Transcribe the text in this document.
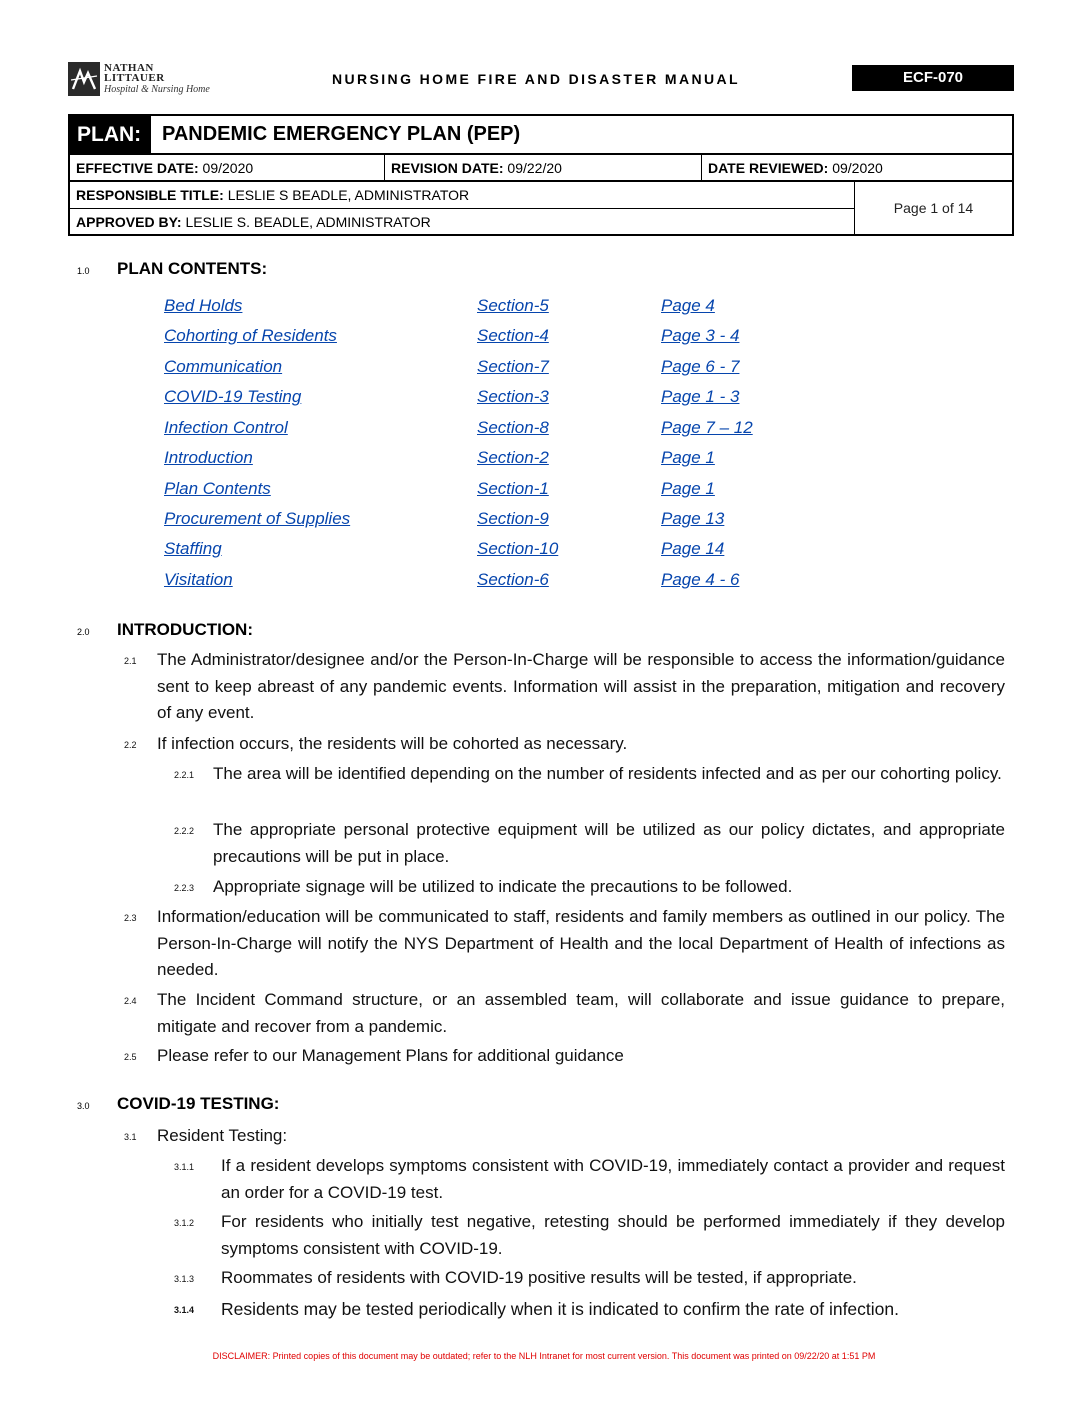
NATHAN
LITTAUER
Hospital & Nursing Home
NURSING HOME FIRE AND DISASTER MANUAL	ECF-070
PLAN:	PANDEMIC EMERGENCY PLAN (PEP)
EFFECTIVE DATE: 09/2020	REVISION DATE: 09/22/20	DATE REVIEWED: 09/2020
RESPONSIBLE TITLE: LESLIE S BEADLE, ADMINISTRATOR
APPROVED BY: LESLIE S. BEADLE, ADMINISTRATOR
Page 1 of 14
1.0 PLAN CONTENTS:
Bed Holds	Section-5	Page 4
Cohorting of Residents	Section-4	Page 3 - 4
Communication	Section-7	Page 6 - 7
COVID-19 Testing	Section-3	Page 1 - 3
Infection Control	Section-8	Page 7 – 12
Introduction	Section-2	Page 1
Plan Contents	Section-1	Page 1
Procurement of Supplies	Section-9	Page 13
Staffing	Section-10	Page 14
Visitation	Section-6	Page 4 - 6
2.0 INTRODUCTION:
2.1 The Administrator/designee and/or the Person-In-Charge will be responsible to access the information/guidance sent to keep abreast of any pandemic events. Information will assist in the preparation, mitigation and recovery of any event.
2.2 If infection occurs, the residents will be cohorted as necessary.
2.2.1 The area will be identified depending on the number of residents infected and as per our cohorting policy.
2.2.2 The appropriate personal protective equipment will be utilized as our policy dictates, and appropriate precautions will be put in place.
2.2.3 Appropriate signage will be utilized to indicate the precautions to be followed.
2.3 Information/education will be communicated to staff, residents and family members as outlined in our policy. The Person-In-Charge will notify the NYS Department of Health and the local Department of Health of infections as needed.
2.4 The Incident Command structure, or an assembled team, will collaborate and issue guidance to prepare, mitigate and recover from a pandemic.
2.5 Please refer to our Management Plans for additional guidance
3.0 COVID-19 TESTING:
3.1 Resident Testing:
3.1.1 If a resident develops symptoms consistent with COVID-19, immediately contact a provider and request an order for a COVID-19 test.
3.1.2 For residents who initially test negative, retesting should be performed immediately if they develop symptoms consistent with COVID-19.
3.1.3 Roommates of residents with COVID-19 positive results will be tested, if appropriate.
3.1.4 Residents may be tested periodically when it is indicated to confirm the rate of infection.
DISCLAIMER: Printed copies of this document may be outdated; refer to the NLH Intranet for most current version. This document was printed on 09/22/20 at 1:51 PM
